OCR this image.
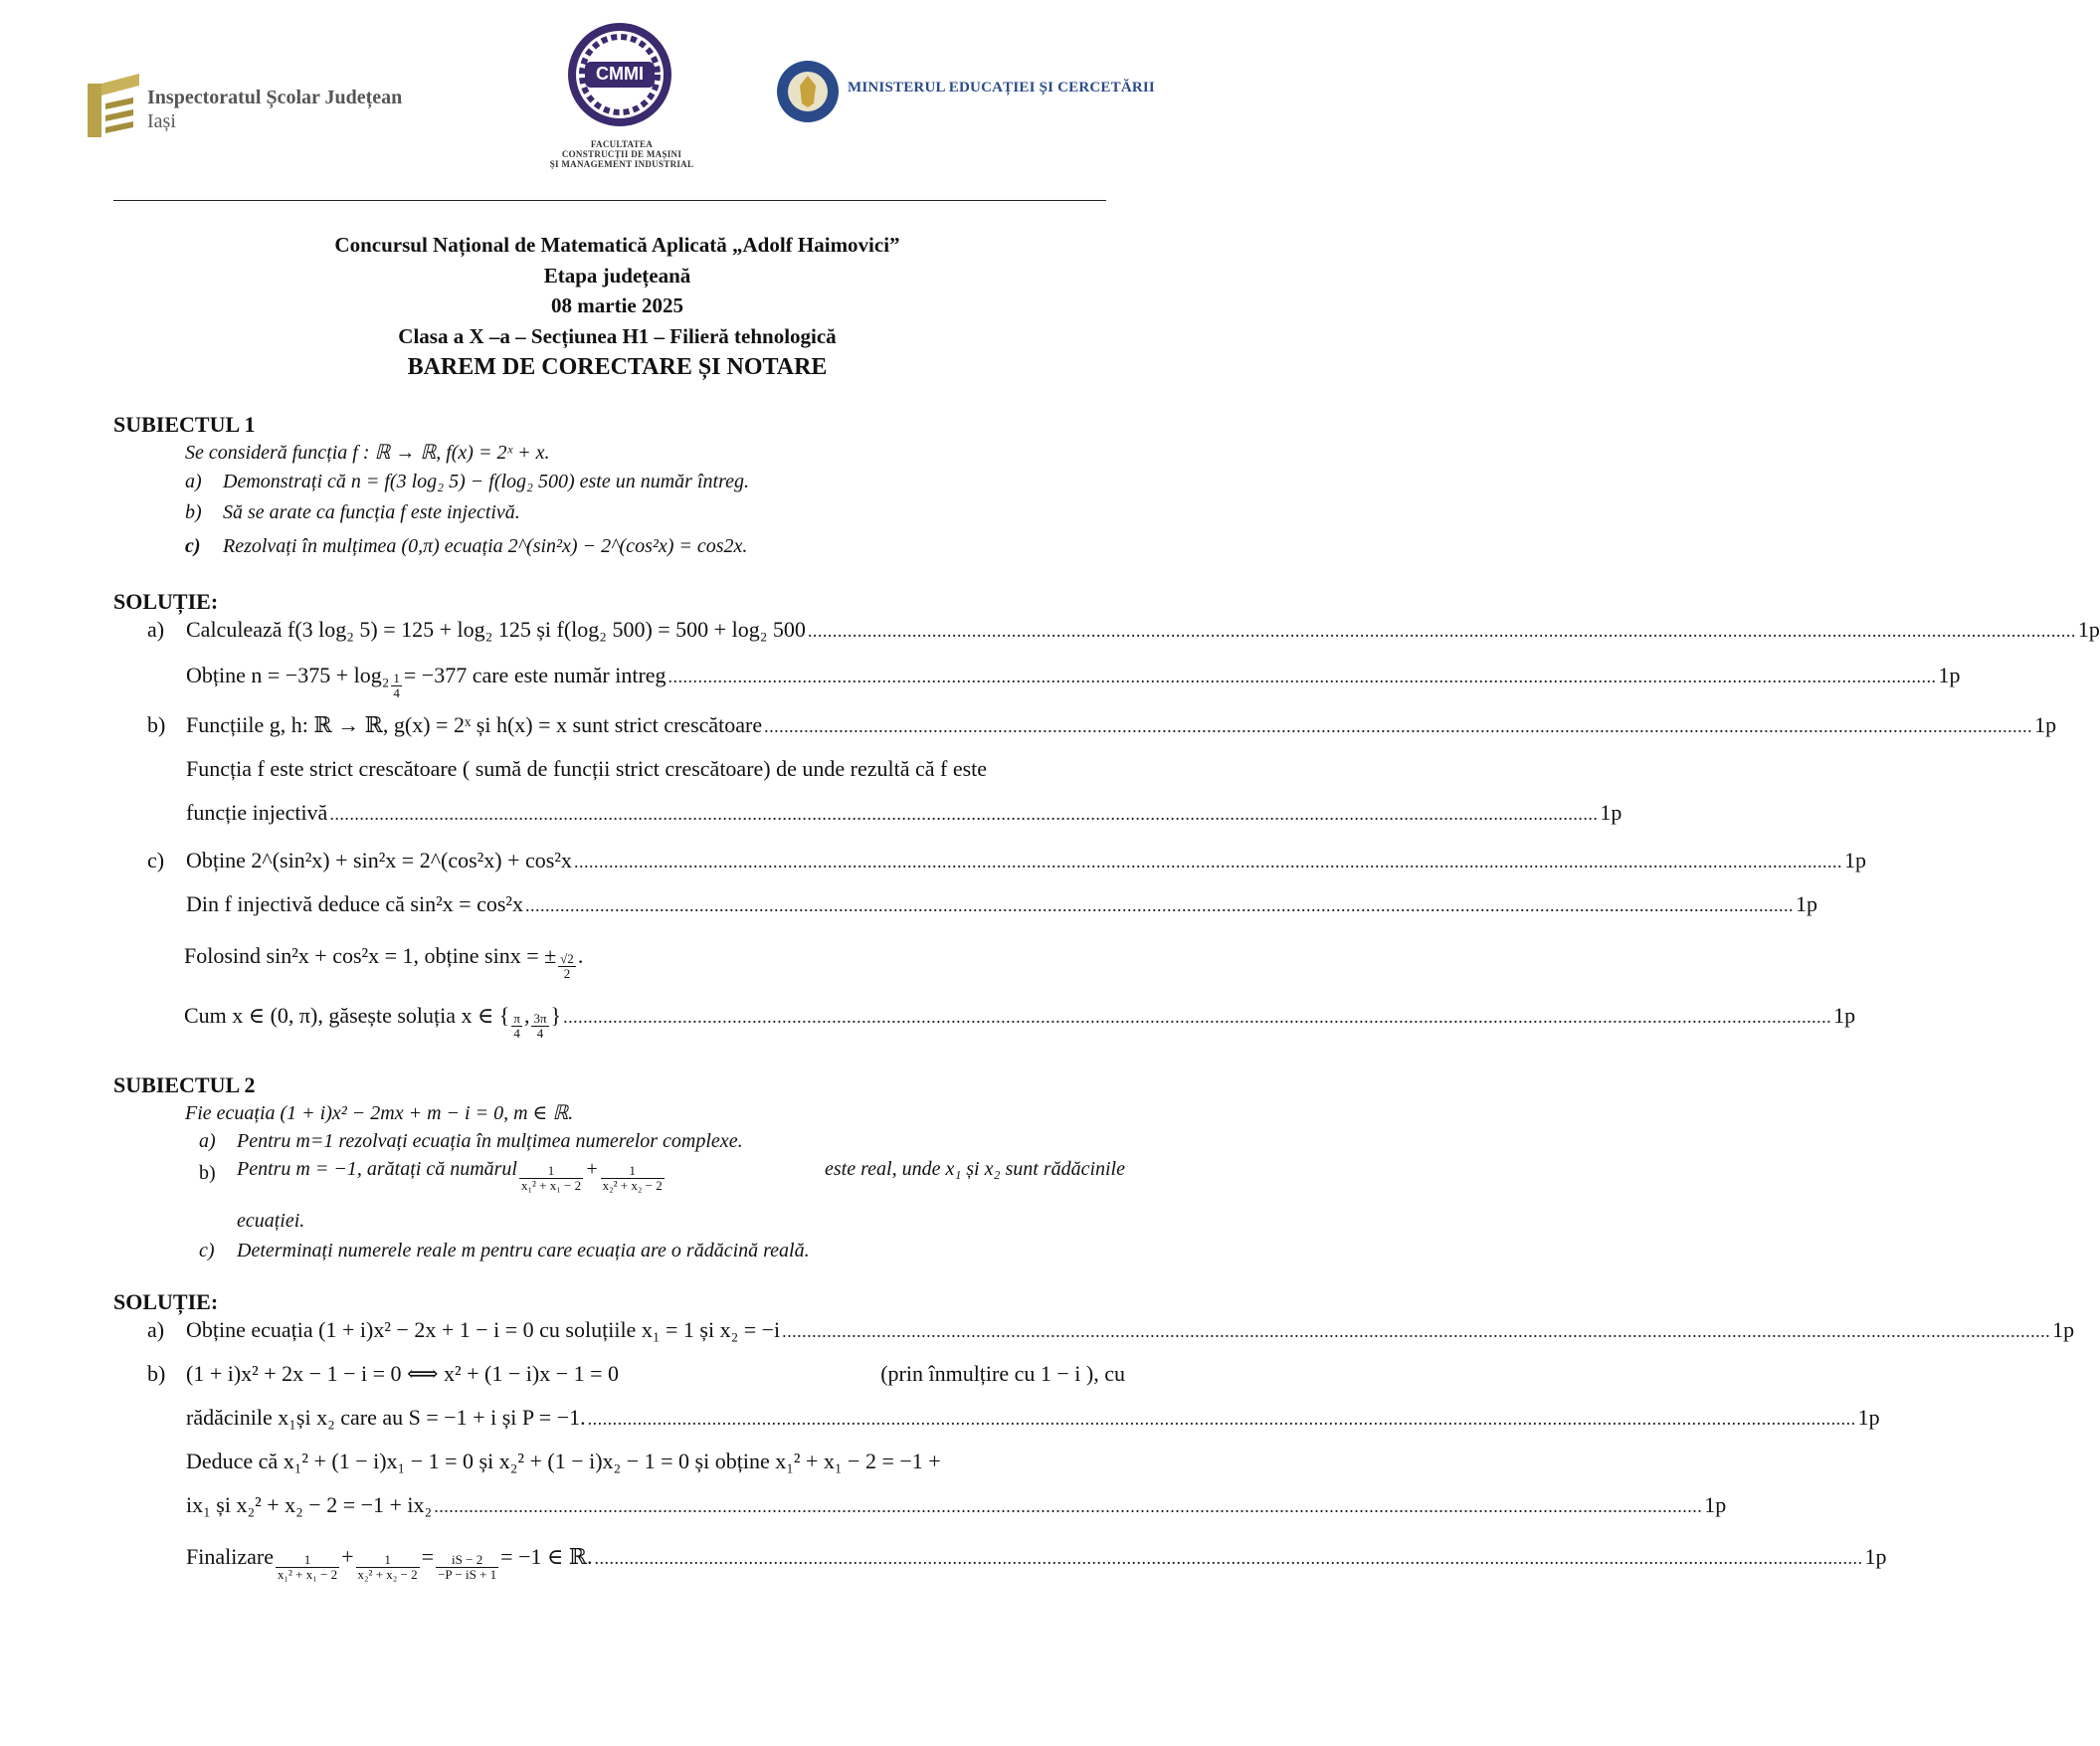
Inspectoratul Școlar Județean
Iași
CMMI
FACULTATEA
CONSTRUCȚII DE MAȘINI
ȘI MANAGEMENT INDUSTRIAL
MINISTERUL EDUCAȚIEI ȘI CERCETĂRII
Concursul Național de Matematică Aplicată „Adolf Haimovici”
Etapa județeană
08 martie 2025
Clasa a X –a – Secțiunea H1 – Filieră tehnologică
BAREM DE CORECTARE ȘI NOTARE
SUBIECTUL 1
Se consideră funcția f : ℝ → ℝ, f(x) = 2ˣ + x.
a) Demonstrați că n = f(3 log₂ 5) − f(log₂ 500) este un număr întreg.
b) Să se arate ca funcția f este injectivă.
c) Rezolvați în mulțimea (0,π) ecuația 2^(sin²x) − 2^(cos²x) = cos2x.
SOLUȚIE:
a) Calculează f(3 log₂ 5) = 125 + log₂ 125 și f(log₂ 500) = 500 + log₂ 500 ............................................................................................................................................................................................................................................................... 1p
Obține $n = -375 + \log_2 \frac{1}{4} = -377$ care este număr intreg ............................................................................................................................................................................................................................................................... 1p
b) Funcțiile g, h: ℝ → ℝ, g(x) = 2ˣ și h(x) = x sunt strict crescătoare ............................................................................................................................................................................................................................................................... 1p
Funcția f este strict crescătoare ( sumă de funcții strict crescătoare) de unde rezultă că f este
funcție injectivă ............................................................................................................................................................................................................................................................... 1p
c) Obține 2^(sin²x) + sin²x = 2^(cos²x) + cos²x ............................................................................................................................................................................................................................................................... 1p
Din f injectivă deduce că sin²x = cos²x ............................................................................................................................................................................................................................................................... 1p
Folosind sin²x + cos²x = 1, obține sinx = ± $\frac{√2}{2}$ .
Cum x ∈ (0, π), găsește soluția x ∈ { $\frac{\pi}{4}$ , $\frac{3\pi}{4}$ } ............................................................................................................................................................................................................................................................... 1p
SUBIECTUL 2
Fie ecuația (1 + i)x² − 2mx + m − i = 0, m ∈ ℝ.
a) Pentru m=1 rezolvați ecuația în mulțimea numerelor complexe.
b) Pentru m = −1, arătați că numărul $\frac{1}{\text{x₁² + x₁ − 2}} + \frac{1}{\text{x₂² + x₂ − 2}}$	este real, unde x₁ și x₂ sunt rădăcinile
ecuației.
c) Determinați numerele reale m pentru care ecuația are o rădăcină reală.
SOLUȚIE:
a) Obține ecuația (1 + i)x² − 2x + 1 − i = 0 cu soluțiile x₁ = 1 și x₂ = −i ............................................................................................................................................................................................................................................................... 1p
b) (1 + i)x² + 2x − 1 − i = 0 ⟺ x² + (1 − i)x − 1 = 0	(prin înmulțire cu 1 − i ), cu
rădăcinile x₁și x₂ care au S = −1 + i și P = −1. ............................................................................................................................................................................................................................................................... 1p
Deduce că x₁² + (1 − i)x₁ − 1 = 0 și x₂² + (1 − i)x₂ − 1 = 0 și obține x₁² + x₁ − 2 = −1 +
ix₁ și x₂² + x₂ − 2 = −1 + ix₂ ............................................................................................................................................................................................................................................................... 1p
Finalizare $\frac{1}{\text{x₁² + x₁ − 2}} + \frac{1}{\text{x₂² + x₂ − 2}} = \frac{iS - 2}{-P - iS + 1} = -1$ ∈ ℝ. ............................................................................................................................................................................................................................................................... 1p
